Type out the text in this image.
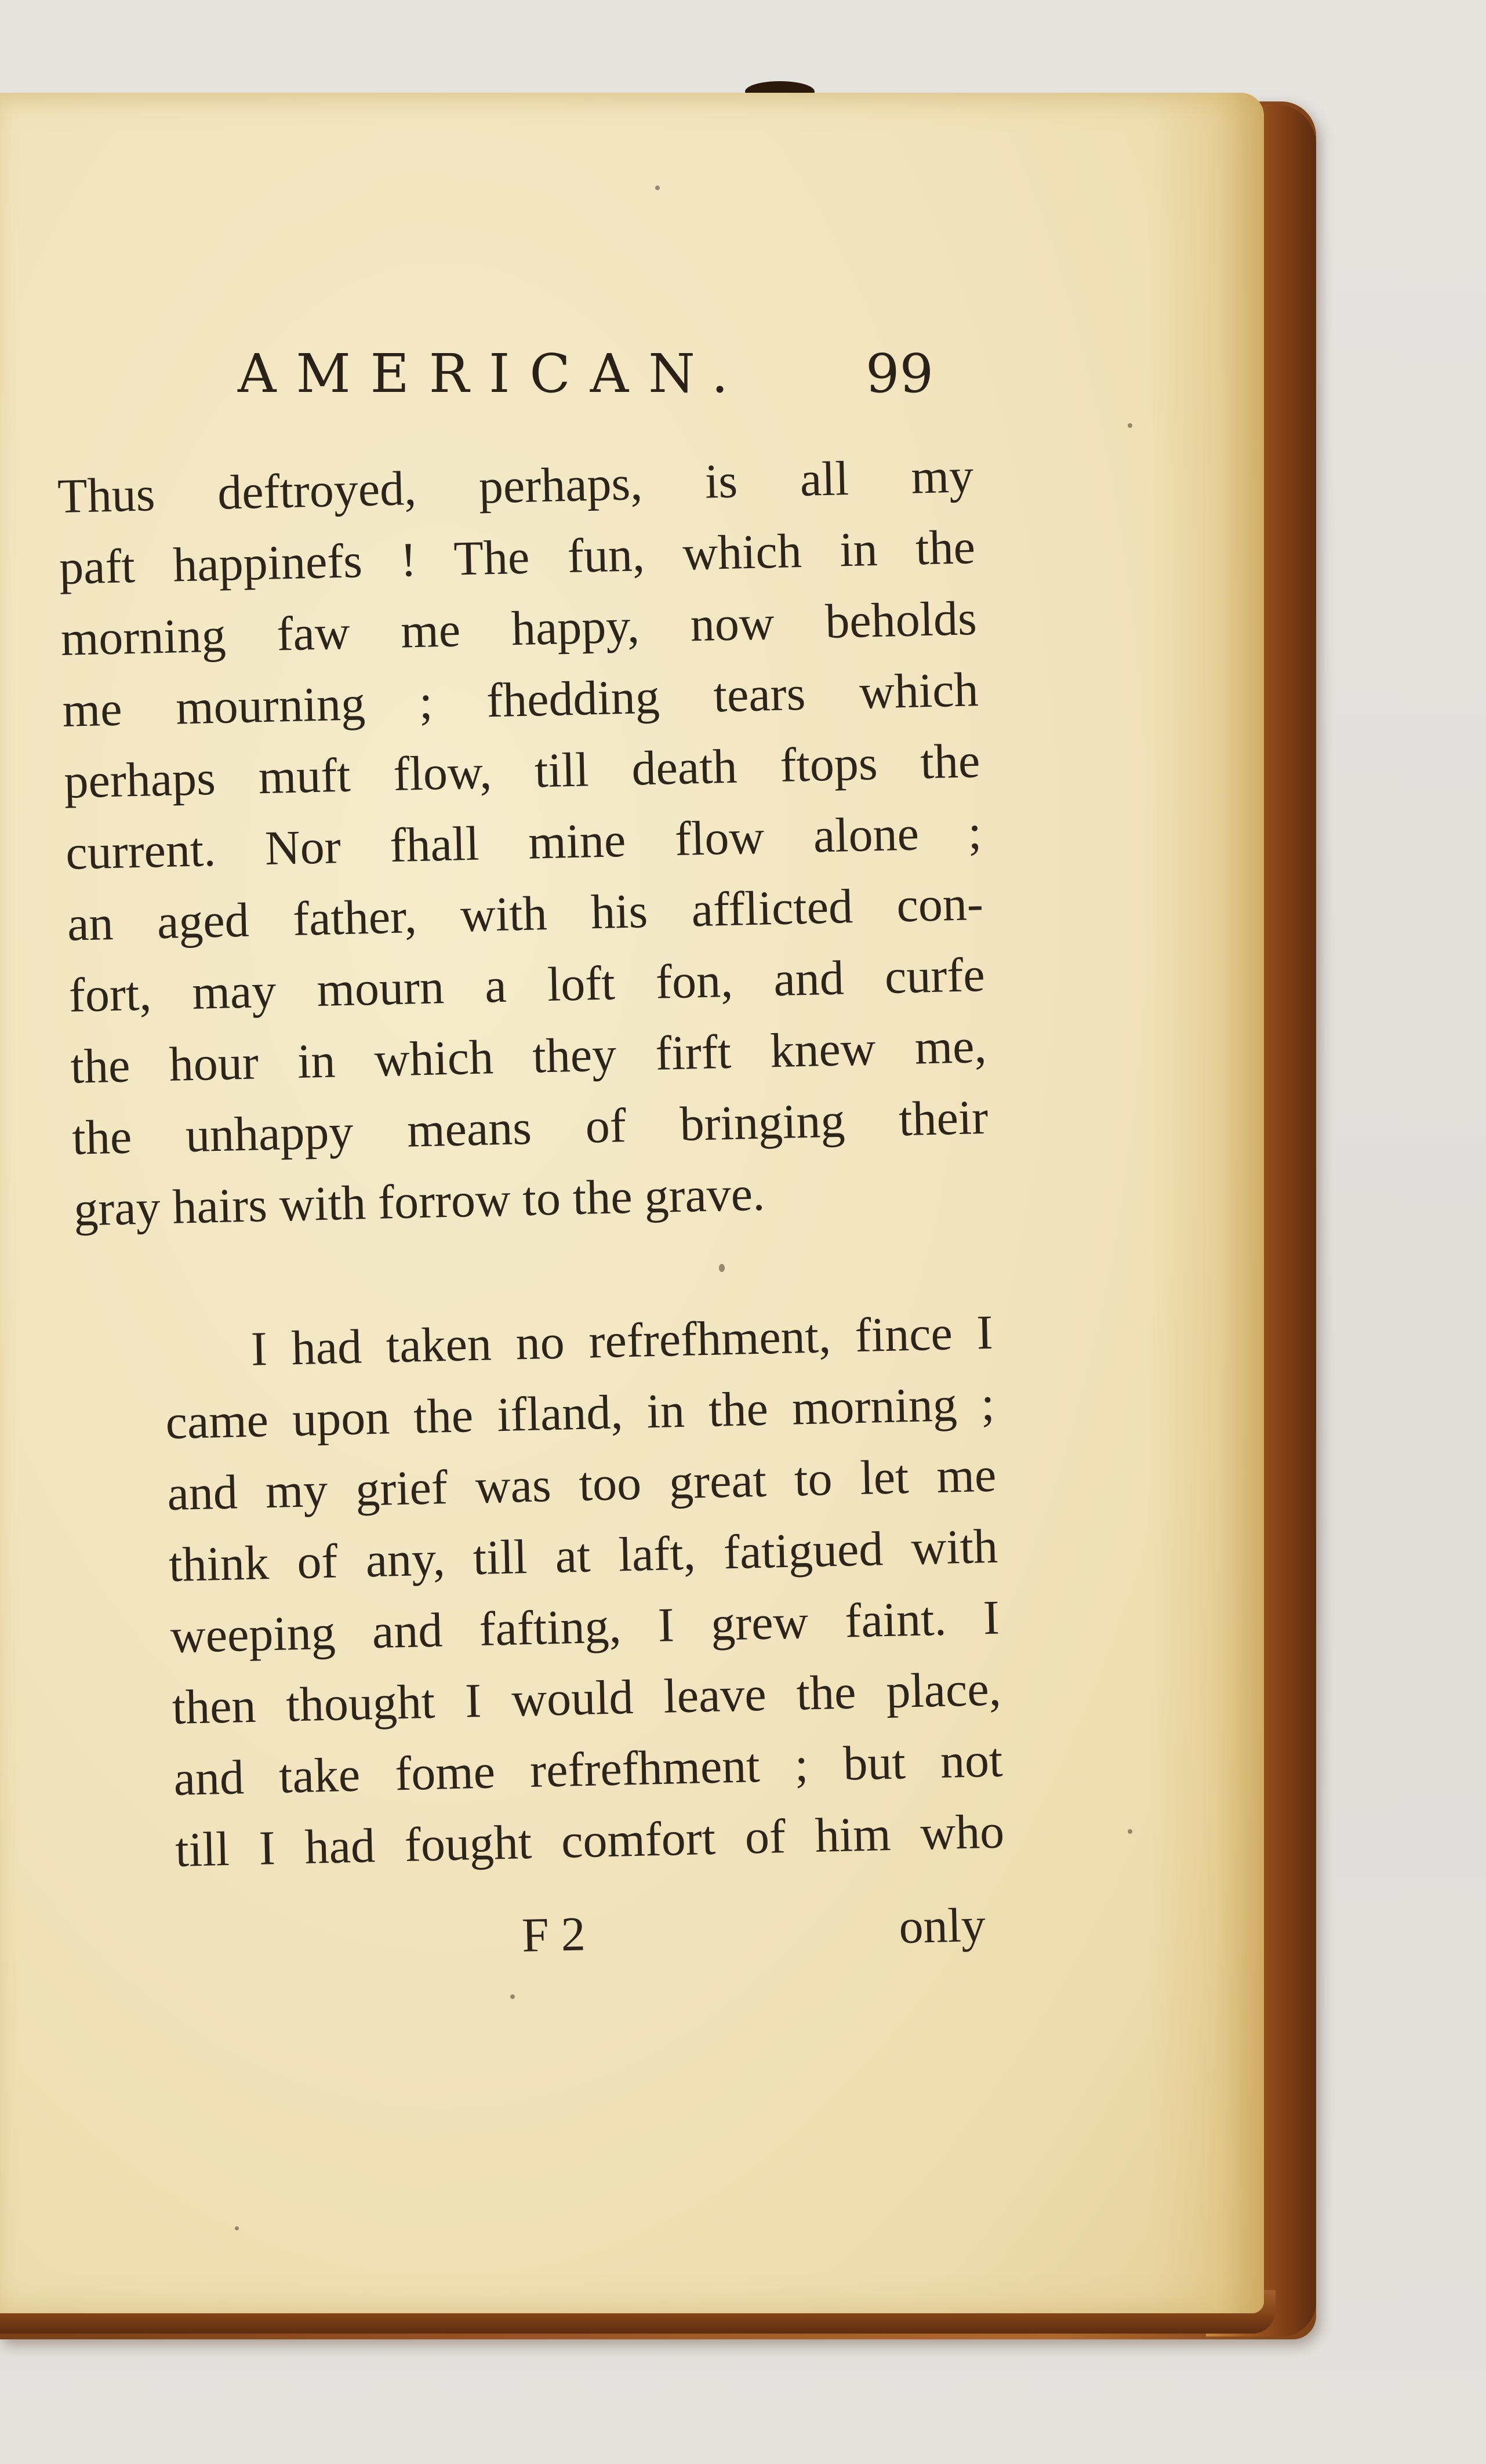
AMERICAN. 99

Thus deftroyed, perhaps, is all my
paft happinefs ! The fun, which in the
morning faw me happy, now beholds
me mourning ; fhedding tears which
perhaps muft flow, till death ftops the
current. Nor fhall mine flow alone ;
an aged father, with his afflicted con-
fort, may mourn a loft fon, and curfe
the hour in which they firft knew me,
the unhappy means of bringing their
gray hairs with forrow to the grave.

I had taken no refrefhment, fince I
came upon the ifland, in the morning ;
and my grief was too great to let me
think of any, till at laft, fatigued with
weeping and fafting, I grew faint. I
then thought I would leave the place,
and take fome refrefhment ; but not
till I had fought comfort of him who

F 2	only
